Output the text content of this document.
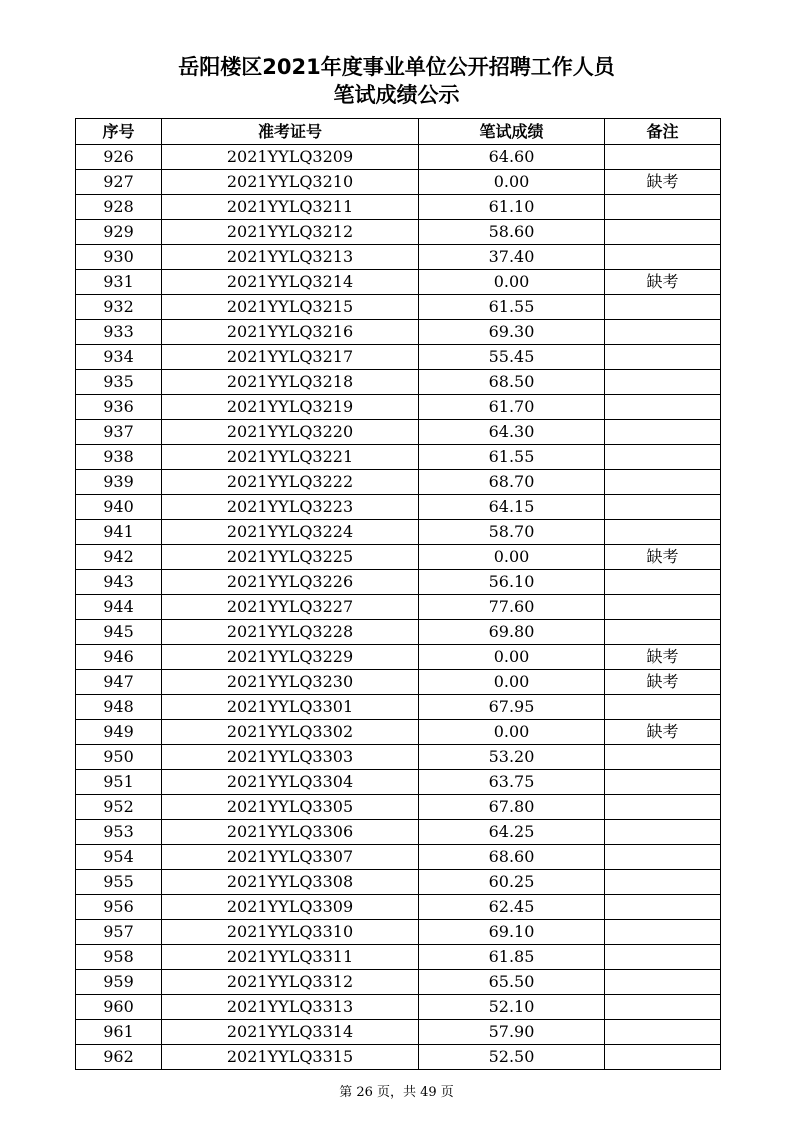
岳阳楼区2021年度事业单位公开招聘工作人员
笔试成绩公示
序号	准考证号	笔试成绩	备注
926	2021YYLQ3209	64.60	
927	2021YYLQ3210	0.00	缺考
928	2021YYLQ3211	61.10	
929	2021YYLQ3212	58.60	
930	2021YYLQ3213	37.40	
931	2021YYLQ3214	0.00	缺考
932	2021YYLQ3215	61.55	
933	2021YYLQ3216	69.30	
934	2021YYLQ3217	55.45	
935	2021YYLQ3218	68.50	
936	2021YYLQ3219	61.70	
937	2021YYLQ3220	64.30	
938	2021YYLQ3221	61.55	
939	2021YYLQ3222	68.70	
940	2021YYLQ3223	64.15	
941	2021YYLQ3224	58.70	
942	2021YYLQ3225	0.00	缺考
943	2021YYLQ3226	56.10	
944	2021YYLQ3227	77.60	
945	2021YYLQ3228	69.80	
946	2021YYLQ3229	0.00	缺考
947	2021YYLQ3230	0.00	缺考
948	2021YYLQ3301	67.95	
949	2021YYLQ3302	0.00	缺考
950	2021YYLQ3303	53.20	
951	2021YYLQ3304	63.75	
952	2021YYLQ3305	67.80	
953	2021YYLQ3306	64.25	
954	2021YYLQ3307	68.60	
955	2021YYLQ3308	60.25	
956	2021YYLQ3309	62.45	
957	2021YYLQ3310	69.10	
958	2021YYLQ3311	61.85	
959	2021YYLQ3312	65.50	
960	2021YYLQ3313	52.10	
961	2021YYLQ3314	57.90	
962	2021YYLQ3315	52.50	
第 26 页，共 49 页
